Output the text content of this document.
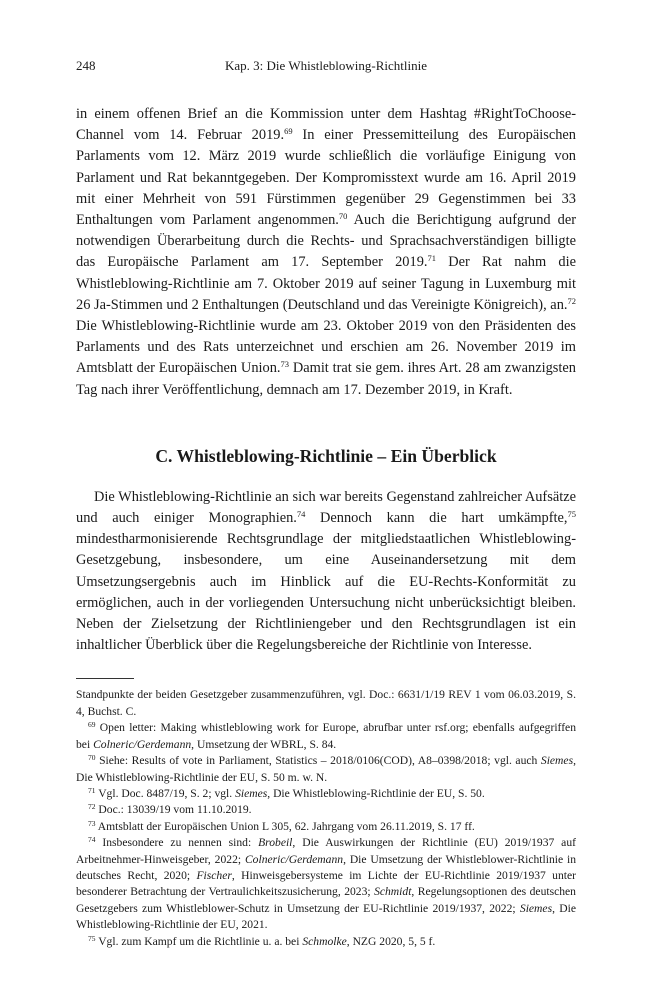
248	Kap. 3: Die Whistleblowing-Richtlinie

in einem offenen Brief an die Kommission unter dem Hashtag #RightToChoose-Channel vom 14. Februar 2019.69 In einer Pressemitteilung des Europäischen Parlaments vom 12. März 2019 wurde schließlich die vorläufige Einigung von Parlament und Rat bekanntgegeben. Der Kompromisstext wurde am 16. April 2019 mit einer Mehrheit von 591 Fürstimmen gegenüber 29 Gegenstimmen bei 33 Enthaltungen vom Parlament angenommen.$^{70}$ Auch die Berichtigung aufgrund der notwendigen Überarbeitung durch die Rechts- und Sprachsachverständigen billigte das Europäische Parlament am 17. September 2019.71 Der Rat nahm die Whistleblowing-Richtlinie am 7. Oktober 2019 auf seiner Tagung in Luxemburg mit 26 Ja-Stimmen und 2 Enthaltungen (Deutschland und das Vereinigte Königreich), an.$^{72}$ Die Whistleblowing-Richtlinie wurde am 23. Oktober 2019 von den Präsidenten des Parlaments und des Rats unterzeichnet und erschien am 26. November 2019 im Amtsblatt der Europäischen Union.$^{73}$ Damit trat sie gem. ihres Art. 28 am zwanzigsten Tag nach ihrer Veröffentlichung, demnach am 17. Dezember 2019, in Kraft.

C. Whistleblowing-Richtlinie – Ein Überblick

Die Whistleblowing-Richtlinie an sich war bereits Gegenstand zahlreicher Aufsätze und auch einiger Monographien.$^{74}$ Dennoch kann die hart umkämpfte,$^{75}$ mindestharmonisierende Rechtsgrundlage der mitgliedstaatlichen Whistleblowing-Gesetzgebung, insbesondere, um eine Auseinandersetzung mit dem Umsetzungsergebnis auch im Hinblick auf die EU-Rechts-Konformität zu ermöglichen, auch in der vorliegenden Untersuchung nicht unberücksichtigt bleiben. Neben der Zielsetzung der Richtliniengeber und den Rechtsgrundlagen ist ein inhaltlicher Überblick über die Regelungsbereiche der Richtlinie von Interesse.

Standpunkte der beiden Gesetzgeber zusammenzuführen, vgl. Doc.: 6631/1/19 REV 1 vom 06.03.2019, S. 4, Buchst. C.

$^{69}$ Open letter: Making whistleblowing work for Europe, abrufbar unter rsf.org; ebenfalls aufgegriffen bei Colneric/Gerdemann, Umsetzung der WBRL, S. 84.

$^{70}$ Siehe: Results of vote in Parliament, Statistics – 2018/0106(COD), A8–0398/2018; vgl. auch Siemes, Die Whistleblowing-Richtlinie der EU, S. 50 m. w. N.

$^{71}$ Vgl. Doc. 8487/19, S. 2; vgl. Siemes, Die Whistleblowing-Richtlinie der EU, S. 50.

$^{72}$ Doc.: 13039/19 vom 11.10.2019.

$^{73}$ Amtsblatt der Europäischen Union L 305, 62. Jahrgang vom 26.11.2019, S. 17 ff.

$^{74}$ Insbesondere zu nennen sind: Brobeil, Die Auswirkungen der Richtlinie (EU) 2019/1937 auf Arbeitnehmer-Hinweisgeber, 2022; Colneric/Gerdemann, Die Umsetzung der Whistleblower-Richtlinie in deutsches Recht, 2020; Fischer, Hinweisgebersysteme im Lichte der EU-Richtlinie 2019/1937 unter besonderer Betrachtung der Vertraulichkeitszusicherung, 2023; Schmidt, Regelungsoptionen des deutschen Gesetzgebers zum Whistleblower-Schutz in Umsetzung der EU-Richtlinie 2019/1937, 2022; Siemes, Die Whistleblowing-Richtlinie der EU, 2021.

$^{75}$ Vgl. zum Kampf um die Richtlinie u. a. bei Schmolke, NZG 2020, 5, 5 f.
